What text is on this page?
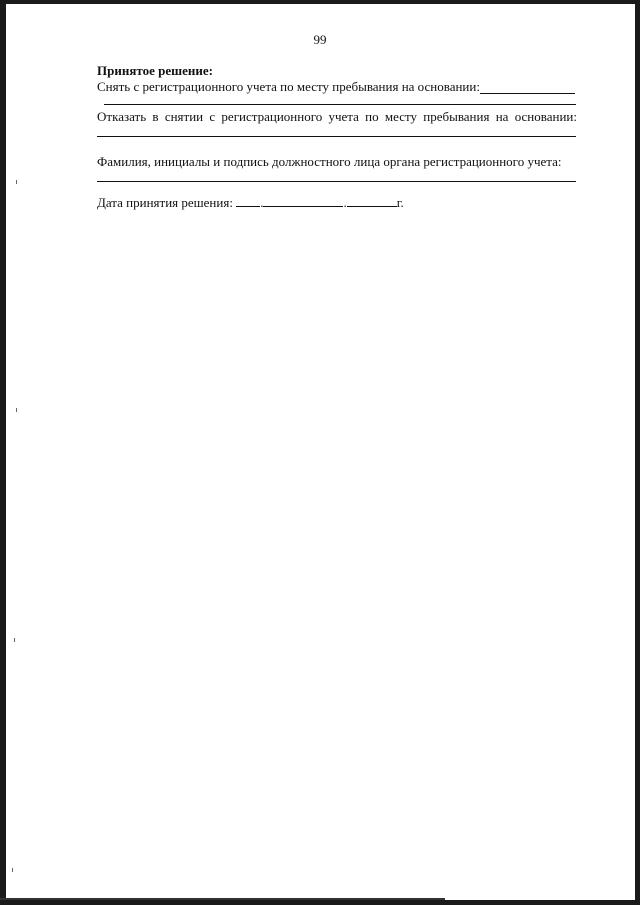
99
Принятое решение:
Снять с регистрационного учета по месту пребывания на основании:
Отказать в снятии с регистрационного учета по месту пребывания на основании:
Фамилия, инициалы и подпись должностного лица органа регистрационного учета:
Дата принятия решения: .	.	г.
